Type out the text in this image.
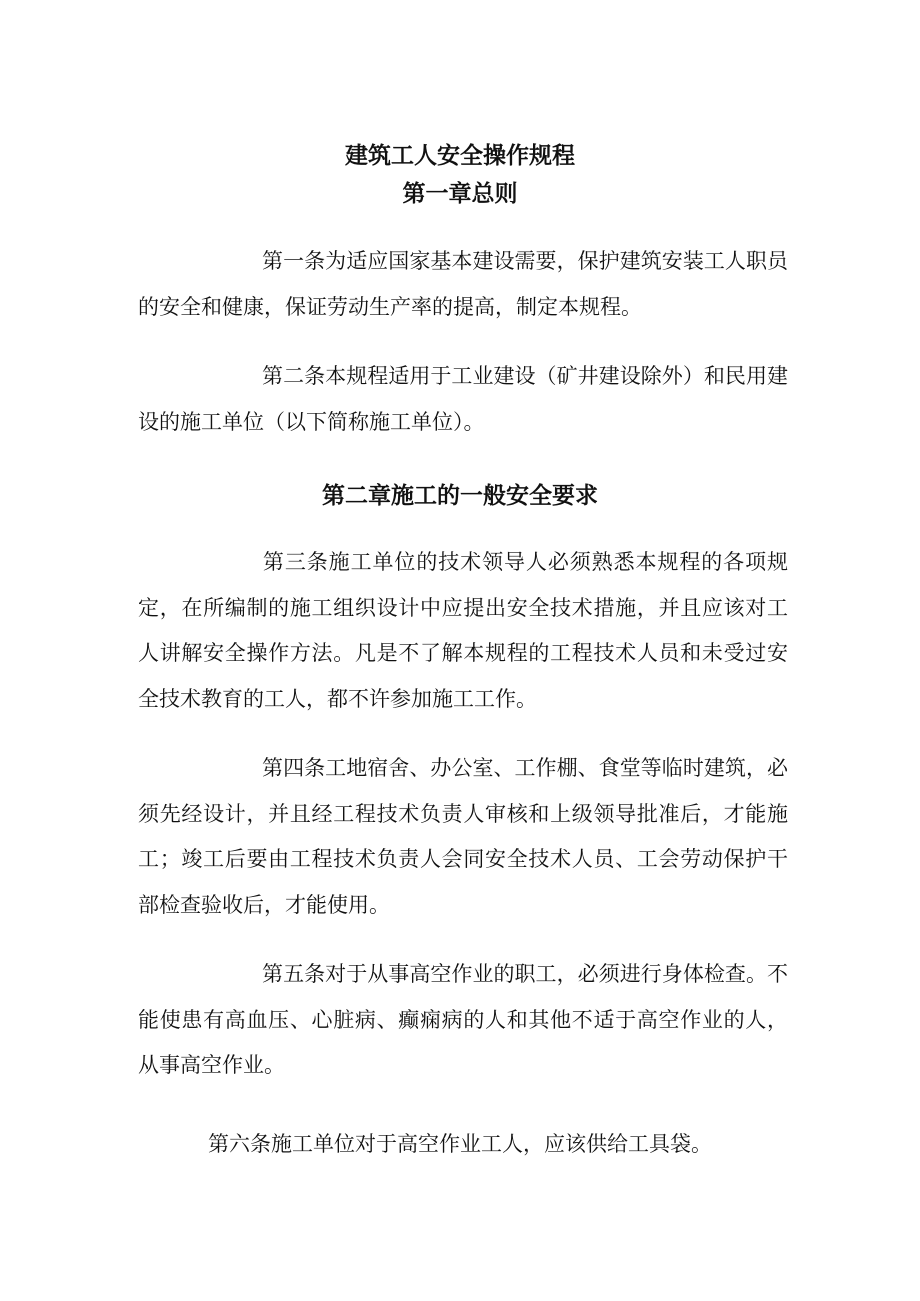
建筑工人安全操作规程
第一章总则

第一条为适应国家基本建设需要，保护建筑安装工人职员的安全和健康，保证劳动生产率的提高，制定本规程。

第二条本规程适用于工业建设（矿井建设除外）和民用建设的施工单位（以下简称施工单位）。

第二章施工的一般安全要求

第三条施工单位的技术领导人必须熟悉本规程的各项规定，在所编制的施工组织设计中应提出安全技术措施，并且应该对工人讲解安全操作方法。凡是不了解本规程的工程技术人员和未受过安全技术教育的工人，都不许参加施工工作。

第四条工地宿舍、办公室、工作棚、食堂等临时建筑，必须先经设计，并且经工程技术负责人审核和上级领导批准后，才能施工；竣工后要由工程技术负责人会同安全技术人员、工会劳动保护干部检查验收后，才能使用。

第五条对于从事高空作业的职工，必须进行身体检查。不能使患有高血压、心脏病、癫痫病的人和其他不适于高空作业的人，从事高空作业。

第六条施工单位对于高空作业工人，应该供给工具袋。
